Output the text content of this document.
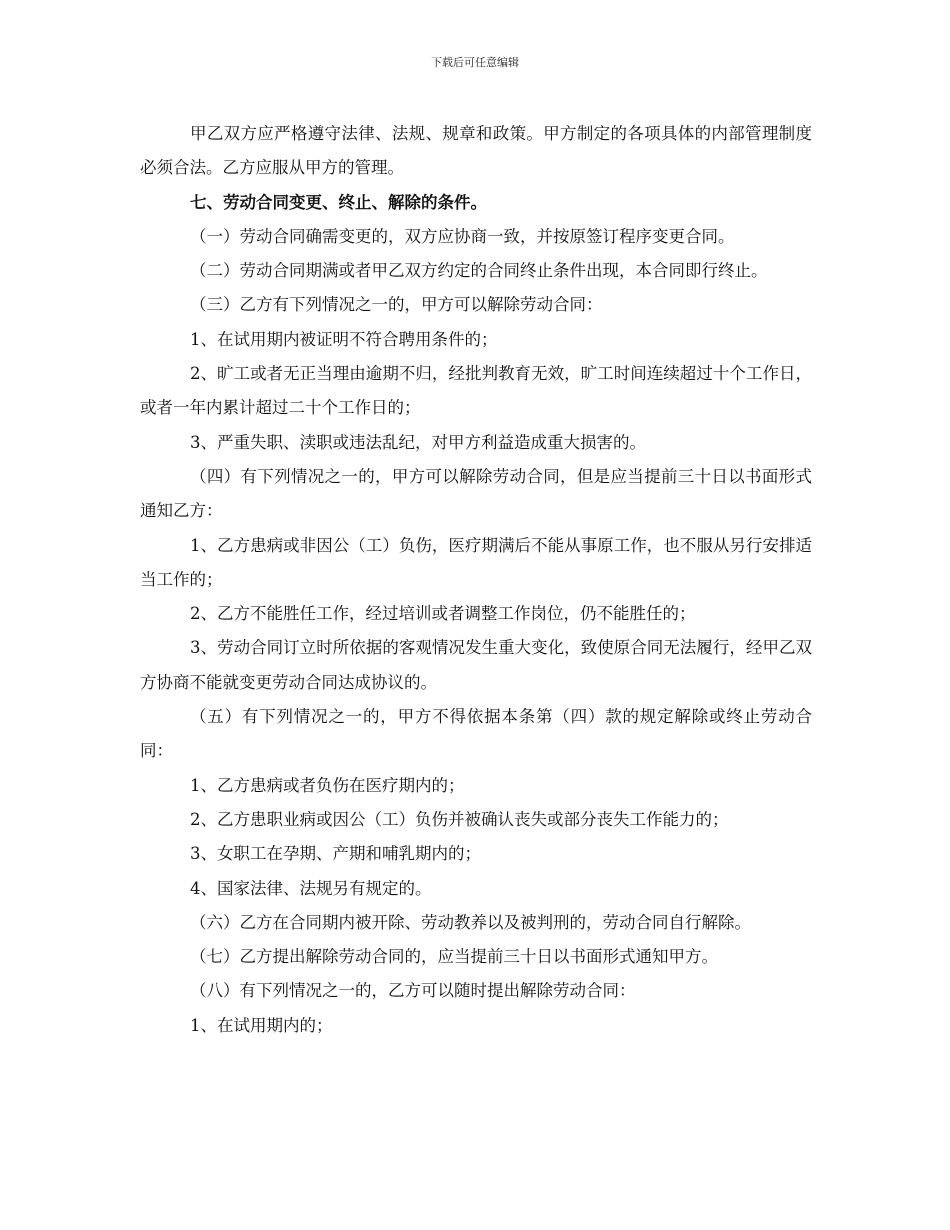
下载后可任意编辑

甲乙双方应严格遵守法律、法规、规章和政策。甲方制定的各项具体的内部管理制度必须合法。乙方应服从甲方的管理。

七、劳动合同变更、终止、解除的条件。

（一）劳动合同确需变更的，双方应协商一致，并按原签订程序变更合同。

（二）劳动合同期满或者甲乙双方约定的合同终止条件出现，本合同即行终止。

（三）乙方有下列情况之一的，甲方可以解除劳动合同：

1、在试用期内被证明不符合聘用条件的；

2、旷工或者无正当理由逾期不归，经批判教育无效，旷工时间连续超过十个工作日，或者一年内累计超过二十个工作日的；

3、严重失职、渎职或违法乱纪，对甲方利益造成重大损害的。

（四）有下列情况之一的，甲方可以解除劳动合同，但是应当提前三十日以书面形式通知乙方：

1、乙方患病或非因公（工）负伤，医疗期满后不能从事原工作，也不服从另行安排适当工作的；

2、乙方不能胜任工作，经过培训或者调整工作岗位，仍不能胜任的；

3、劳动合同订立时所依据的客观情况发生重大变化，致使原合同无法履行，经甲乙双方协商不能就变更劳动合同达成协议的。

（五）有下列情况之一的，甲方不得依据本条第（四）款的规定解除或终止劳动合同：

1、乙方患病或者负伤在医疗期内的；

2、乙方患职业病或因公（工）负伤并被确认丧失或部分丧失工作能力的；

3、女职工在孕期、产期和哺乳期内的；

4、国家法律、法规另有规定的。

（六）乙方在合同期内被开除、劳动教养以及被判刑的，劳动合同自行解除。

（七）乙方提出解除劳动合同的，应当提前三十日以书面形式通知甲方。

（八）有下列情况之一的，乙方可以随时提出解除劳动合同：

1、在试用期内的；
